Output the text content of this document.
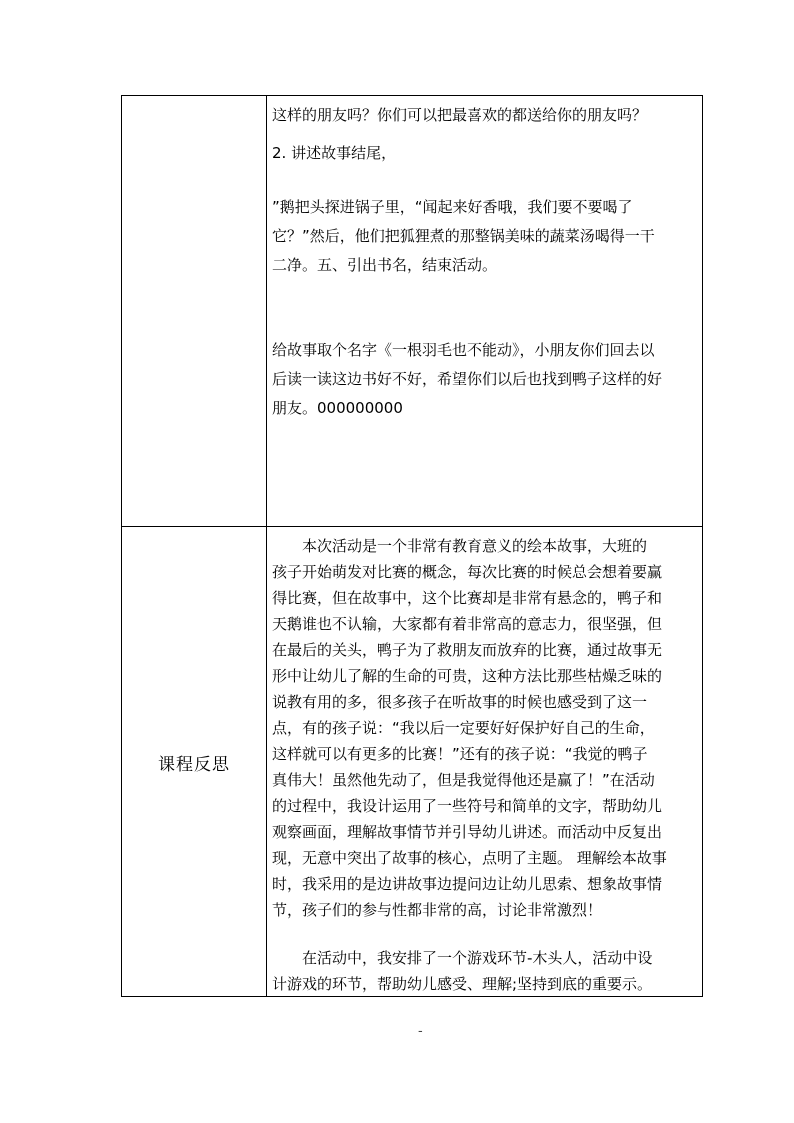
这样的朋友吗？你们可以把最喜欢的都送给你的朋友吗？

2. 讲述故事结尾，

”鹅把头探进锅子里，“闻起来好香哦，我们要不要喝了
它？”然后，他们把狐狸煮的那整锅美味的蔬菜汤喝得一干
二净。五、引出书名，结束活动。

给故事取个名字《一根羽毛也不能动》，小朋友你们回去以
后读一读这边书好不好，希望你们以后也找到鸭子这样的好
朋友。000000000

课程反思

　　本次活动是一个非常有教育意义的绘本故事，大班的
孩子开始萌发对比赛的概念，每次比赛的时候总会想着要赢
得比赛，但在故事中，这个比赛却是非常有悬念的，鸭子和
天鹅谁也不认输，大家都有着非常高的意志力，很坚强，但
在最后的关头，鸭子为了救朋友而放弃的比赛，通过故事无
形中让幼儿了解的生命的可贵，这种方法比那些枯燥乏味的
说教有用的多，很多孩子在听故事的时候也感受到了这一
点，有的孩子说：“我以后一定要好好保护好自己的生命，
这样就可以有更多的比赛！”还有的孩子说：“我觉的鸭子
真伟大！虽然他先动了，但是我觉得他还是赢了！”在活动
的过程中，我设计运用了一些符号和简单的文字，帮助幼儿
观察画面，理解故事情节并引导幼儿讲述。而活动中反复出
现，无意中突出了故事的核心，点明了主题。 理解绘本故事
时，我采用的是边讲故事边提问边让幼儿思索、想象故事情
节，孩子们的参与性都非常的高，讨论非常激烈！

　　在活动中，我安排了一个游戏环节-木头人，活动中设
计游戏的环节，帮助幼儿感受、理解;坚持到底的重要示。

-
